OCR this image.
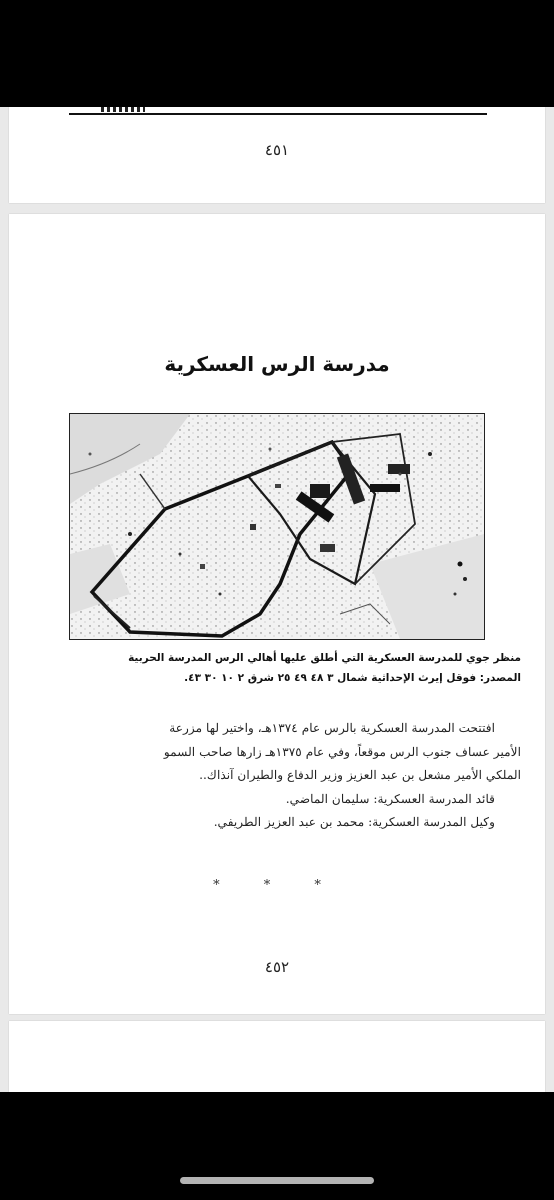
٤٥١
مدرسة الرس العسكرية
منظر جوي للمدرسة العسكرية التي أطلق عليها أهالي الرس المدرسة الحربية
المصدر: فوقل إيرث الإحداثية شمال ٣ ٤٨ ٤٩ ٢٥ شرق ٢ ١٠ ٣٠ ٤٣.
افتتحت المدرسة العسكرية بالرس عام ١٣٧٤هـ، واختير لها مزرعة
الأمير عساف جنوب الرس موقعاً، وفي عام ١٣٧٥هـ زارها صاحب السمو
الملكي الأمير مشعل بن عبد العزيز وزير الدفاع والطيران آنذاك..
قائد المدرسة العسكرية: سليمان الماضي.
وكيل المدرسة العسكرية: محمد بن عبد العزيز الطريفي.
* * *
٤٥٢
